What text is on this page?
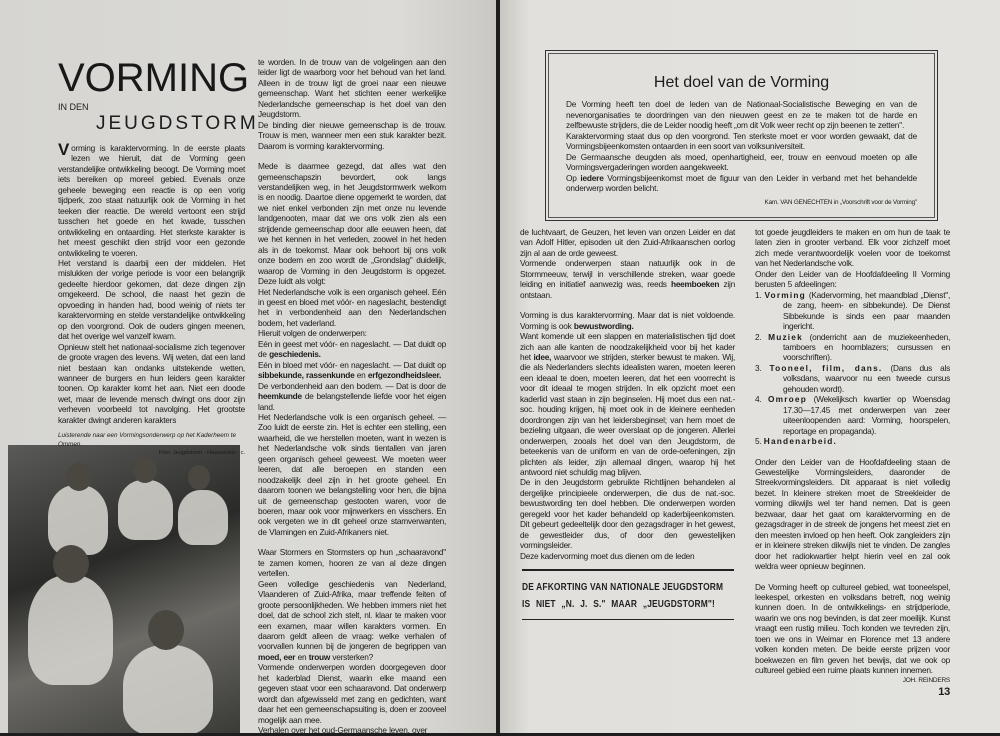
VORMING
IN DEN
JEUGDSTORM

Vorming is karaktervorming. In de eerste plaats lezen we hieruit, dat de Vorming geen verstandelijke ontwikkeling beoogt. De Vorming moet iets bereiken op moreel gebied. Evenals onze geheele beweging een reactie is op een vorig tijdperk, zoo staat natuurlijk ook de Vorming in het teeken dier reactie. De wereld vertoont een strijd tusschen het goede en het kwade, tusschen ontwikkeling en ontaarding. Het sterkste karakter is het meest geschikt dien strijd voor een gezonde ontwikkeling te voeren.

Het verstand is daarbij een der middelen. Het mislukken der vorige periode is voor een belangrijk gedeelte hierdoor gekomen, dat deze dingen zijn omgekeerd. De school, die naast het gezin de opvoeding in handen had, bood weinig of niets ter karaktervorming en stelde verstandelijke ontwikkeling op den voorgrond. Ook de ouders gingen meenen, dat het overige wel vanzelf kwam.

Opnieuw stelt het nationaal-socialisme zich tegenover de groote vragen des levens. Wij weten, dat een land niet bestaan kan ondanks uitstekende wetten, wanneer de burgers en hun leiders geen karakter toonen. Op karakter komt het aan. Niet een doode wet, maar de levende mensch dwingt ons door zijn verheven voorbeeld tot navolging. Het grootste karakter dwingt anderen karakters

Luisterende naar een Vormingsonderwerp op het Kaderheem te Ommen.
Foto: Jeugdstorm - Haaswinkel - c.

te worden. In de trouw van de volgelingen aan den leider ligt de waarborg voor het behoud van het land. Alleen in de trouw ligt de groei naar een nieuwe gemeenschap. Want het stichten eener werkelijke Nederlandsche gemeenschap is het doel van den Jeugdstorm.

De binding dier nieuwe gemeenschap is de trouw. Trouw is men, wanneer men een stuk karakter bezit. Daarom is vorming karaktervorming.

Mede is daarmee gezegd, dat alles wat den gemeenschapszin bevordert, ook langs verstandelijken weg, in het Jeugdstormwerk welkom is en noodig. Daartoe diene opgemerkt te worden, dat we niet enkel verbonden zijn met onze nu levende landgenooten, maar dat we ons volk zien als een strijdende gemeenschap door alle eeuwen heen, dat we het kennen in het verleden, zoowel in het heden als in de toekomst. Maar ook behoort bij ons volk onze bodem en zoo wordt de „Grondslag" duidelijk, waarop de Vorming in den Jeugdstorm is opgezet. Deze luidt als volgt:

Het Nederlandsche volk is een organisch geheel. Eén in geest en bloed met vóór- en nageslacht, bestendigt het in verbondenheid aan den Nederlandschen bodem, het vaderland.

Hieruit volgen de onderwerpen:

Eén in geest met vóór- en nageslacht. — Dat duidt op de geschiedenis.

Eén in bloed met vóór- en nageslacht. — Dat duidt op sibbekunde, rassenkunde en erfgezondheidsleer.

De verbondenheid aan den bodem. — Dat is door de heemkunde de belangstellende liefde voor het eigen land.

Het Nederlandsche volk is een organisch geheel. — Zoo luidt de eerste zin. Het is echter een stelling, een waarheid, die we herstellen moeten, want in wezen is het Nederlandsche volk sinds tientallen van jaren geen organisch geheel geweest. We moeten weer leeren, dat alle beroepen en standen een noodzakelijk deel zijn in het groote geheel. En daarom toonen we belangstelling voor hen, die bijna uit de gemeenschap gestooten waren, voor de boeren, maar ook voor mijnwerkers en visschers. En ook vergeten we in dit geheel onze stamverwanten, de Vlamingen en Zuid-Afrikaners niet.

Waar Stormers en Stormsters op hun „schaaravond" te zamen komen, hooren ze van al deze dingen vertellen.

Geen volledige geschiedenis van Nederland, Vlaanderen of Zuid-Afrika, maar treffende feiten of groote persoonlijkheden. We hebben immers niet het doel, dat de school zich stelt, nl. klaar te maken voor een examen, maar willen karakters vormen. En daarom geldt alleen de vraag: welke verhalen of voorvallen kunnen bij de jongeren de begrippen van moed, eer en trouw versterken?

Vormende onderwerpen worden doorgegeven door het kaderblad Dienst, waarin elke maand een gegeven staat voor een schaaravond. Dat onderwerp wordt dan afgewisseld met zang en gedichten, want daar het een gemeenschapsuiting is, doen er zooveel mogelijk aan mee.

Verhalen over het oud-Germaansche leven, over

Het doel van de Vorming

De Vorming heeft ten doel de leden van de Nationaal-Socialistische Beweging en van de nevenorganisaties te doordringen van den nieuwen geest en ze te maken tot de harde en zelfbewuste strijders, die de Leider noodig heeft „om dit Volk weer recht op zijn beenen te zetten".

Karaktervorming staat dus op den voorgrond. Ten sterkste moet er voor worden gewaakt, dat de Vormingsbijeenkomsten ontaarden in een soort van volksuniversiteit.

De Germaansche deugden als moed, openhartigheid, eer, trouw en eenvoud moeten op alle Vormingsvergaderingen worden aangekweekt.

Op iedere Vormingsbijeenkomst moet de figuur van den Leider in verband met het behandelde onderwerp worden belicht.

Kam. VAN GENECHTEN in „Voorschrift voor de Vorming"

de luchtvaart, de Geuzen, het leven van onzen Leider en dat van Adolf Hitler, episoden uit den Zuid-Afrikaanschen oorlog zijn al aan de orde geweest.

Vormende onderwerpen staan natuurlijk ook in de Stormmeeuw, terwijl in verschillende streken, waar goede leiding en initiatief aanwezig was, reeds heemboeken zijn ontstaan.

Vorming is dus karaktervorming. Maar dat is niet voldoende. Vorming is ook bewustwording.

Want komende uit een slappen en materialistischen tijd doet zich aan alle kanten de noodzakelijkheid voor bij het kader het idee, waarvoor we strijden, sterker bewust te maken. Wij, die als Nederlanders slechts idealisten waren, moeten leeren een ideaal te doen, moeten leeren, dat het een voorrecht is voor dit ideaal te mogen strijden. In elk opzicht moet een kaderlid vast staan in zijn beginselen. Hij moet dus een nat.-soc. houding krijgen, hij moet ook in de kleinere eenheden doordrongen zijn van het leidersbeginsel; van hem moet de bezieling uitgaan, die weer overslaat op de jongeren. Allerlei onderwerpen, zooals het doel van den Jeugdstorm, de beteekenis van de uniform en van de orde-oefeningen, zijn plichten als leider, zijn allemaal dingen, waarop hij het antwoord niet schuldig mag blijven.

De in den Jeugdstorm gebruikte Richtlijnen behandelen al dergelijke principieele onderwerpen, die dus de nat.-soc. bewustwording ten doel hebben. Die onderwerpen worden geregeld voor het kader behandeld op kaderbijeenkomsten. Dit gebeurt gedeeltelijk door den gezagsdrager in het gewest, de gewestleider dus, of door den gewestelijken vormingsleider.

Deze kadervorming moet dus dienen om de leden

DE AFKORTING VAN NATIONALE JEUGDSTORM
IS NIET „N. J. S." MAAR „JEUGDSTORM"!

tot goede jeugdleiders te maken en om hun de taak te laten zien in grooter verband. Elk voor zichzelf moet zich mede verantwoordelijk voelen voor de toekomst van het Nederlandsche volk.

Onder den Leider van de Hoofdafdeeling II Vorming berusten 5 afdeelingen:

1. Vorming (Kadervorming, het maandblad „Dienst", de zang, heem- en sibbekunde). De Dienst Sibbekunde is sinds een paar maanden ingericht.

2. Muziek (onderricht aan de muziekeenheden, tamboers en hoornblazers; cursussen en voorschriften).

3. Tooneel, film, dans. (Dans dus als volksdans, waarvoor nu een tweede cursus gehouden wordt).

4. Omroep (Wekelijksch kwartier op Woensdag 17.30—17.45 met onderwerpen van zeer uiteenloopenden aard: Vorming, hoorspelen, reportage en propaganda).

5. Handenarbeid.

Onder den Leider van de Hoofdafdeeling staan de Gewestelijke Vormingsleiders, daaronder de Streekvormingsleiders. Dit apparaat is niet volledig bezet. In kleinere streken moet de Streekleider de vorming dikwijls wel ter hand nemen. Dat is geen bezwaar, daar het gaat om karaktervorming en de gezagsdrager in de streek de jongens het meest ziet en den meesten invloed op hen heeft. Ook zangleiders zijn er in kleinere streken dikwijls niet te vinden. De zangles door het radiokwartier helpt hierin veel en zal ook weldra weer opnieuw beginnen.

De Vorming heeft op cultureel gebied, wat tooneelspel, leekespel, orkesten en volksdans betreft, nog weinig kunnen doen. In de ontwikkelings- en strijdperiode, waarin we ons nog bevinden, is dat zeer moeilijk. Kunst vraagt een rustig milieu. Toch konden we tevreden zijn, toen we ons in Weimar en Florence met 13 andere volken konden meten. De beide eerste prijzen voor boekwezen en film geven het bewijs, dat we ook op cultureel gebied een ruime plaats kunnen innemen.
JOH. REINDERS

13
